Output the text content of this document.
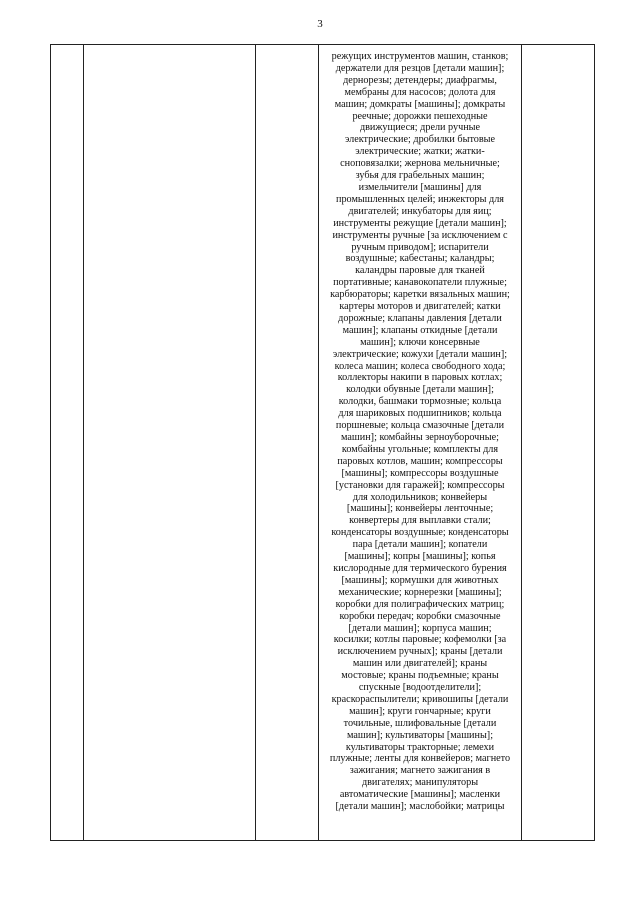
3
режущих инструментов машин, станков;
держатели для резцов [детали машин];
дернорезы; детендеры; диафрагмы,
мембраны для насосов; долота для
машин; домкраты [машины]; домкраты
реечные; дорожки пешеходные
движущиеся; дрели ручные
электрические; дробилки бытовые
электрические; жатки; жатки-
сноповязалки; жернова мельничные;
зубья для грабельных машин;
измельчители [машины] для
промышленных целей; инжекторы для
двигателей; инкубаторы для яиц;
инструменты режущие [детали машин];
инструменты ручные [за исключением с
ручным приводом]; испарители
воздушные; кабестаны; каландры;
каландры паровые для тканей
портативные; канавокопатели плужные;
карбюраторы; каретки вязальных машин;
картеры моторов и двигателей; катки
дорожные; клапаны давления [детали
машин]; клапаны откидные [детали
машин]; ключи консервные
электрические; кожухи [детали машин];
колеса машин; колеса свободного хода;
коллекторы накипи в паровых котлах;
колодки обувные [детали машин];
колодки, башмаки тормозные; кольца
для шариковых подшипников; кольца
поршневые; кольца смазочные [детали
машин]; комбайны зерноуборочные;
комбайны угольные; комплекты для
паровых котлов, машин; компрессоры
[машины]; компрессоры воздушные
[установки для гаражей]; компрессоры
для холодильников; конвейеры
[машины]; конвейеры ленточные;
конвертеры для выплавки стали;
конденсаторы воздушные; конденсаторы
пара [детали машин]; копатели
[машины]; копры [машины]; копья
кислородные для термического бурения
[машины]; кормушки для животных
механические; корнерезки [машины];
коробки для полиграфических матриц;
коробки передач; коробки смазочные
[детали машин]; корпуса машин;
косилки; котлы паровые; кофемолки [за
исключением ручных]; краны [детали
машин или двигателей]; краны
мостовые; краны подъемные; краны
спускные [водоотделители];
краскораспылители; кривошипы [детали
машин]; круги гончарные; круги
точильные, шлифовальные [детали
машин]; культиваторы [машины];
культиваторы тракторные; лемехи
плужные; ленты для конвейеров; магнето
зажигания; магнето зажигания в
двигателях; манипуляторы
автоматические [машины]; масленки
[детали машин]; маслобойки; матрицы
